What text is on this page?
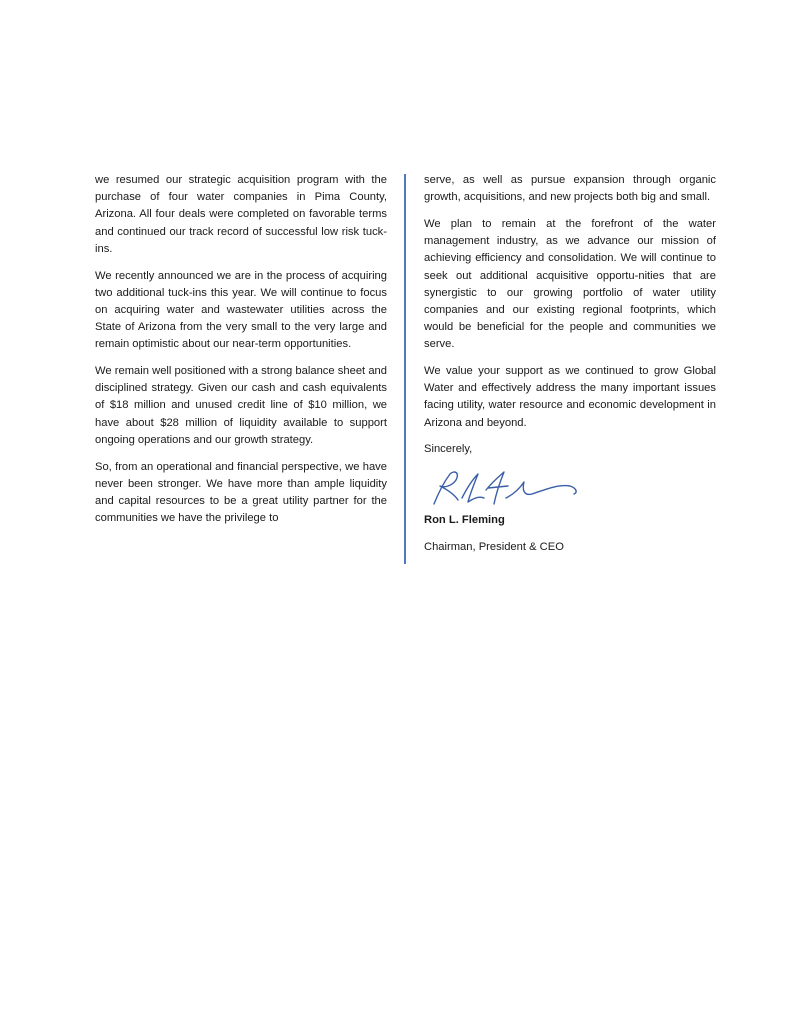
we resumed our strategic acquisition program with the purchase of four water companies in Pima County, Arizona. All four deals were completed on favorable terms and continued our track record of successful low risk tuck-ins.

We recently announced we are in the process of acquiring two additional tuck-ins this year. We will continue to focus on acquiring water and wastewater utilities across the State of Arizona from the very small to the very large and remain optimistic about our near-term opportunities.

We remain well positioned with a strong balance sheet and disciplined strategy. Given our cash and cash equivalents of $18 million and unused credit line of $10 million, we have about $28 million of liquidity available to support ongoing operations and our growth strategy.

So, from an operational and financial perspective, we have never been stronger. We have more than ample liquidity and capital resources to be a great utility partner for the communities we have the privilege to

serve, as well as pursue expansion through organic growth, acquisitions, and new projects both big and small.

We plan to remain at the forefront of the water management industry, as we advance our mission of achieving efficiency and consolidation. We will continue to seek out additional acquisitive opportu-nities that are synergistic to our growing portfolio of water utility companies and our existing regional footprints, which would be beneficial for the people and communities we serve.

We value your support as we continued to grow Global Water and effectively address the many important issues facing utility, water resource and economic development in Arizona and beyond.

Sincerely,

Ron L. Fleming

Chairman, President & CEO
